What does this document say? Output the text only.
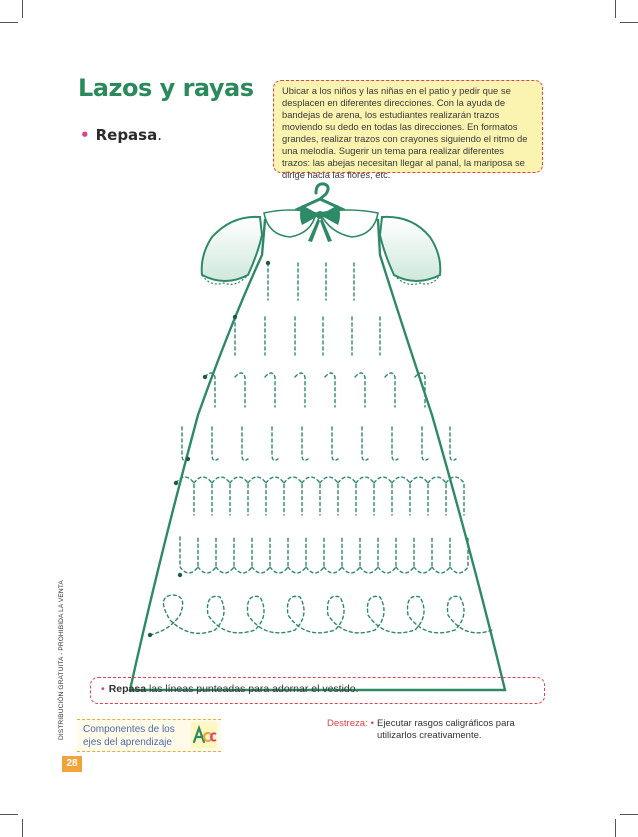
Lazos y rayas
• Repasa.
Ubicar a los niños y las niñas en el patio y pedir que se desplacen en diferentes direcciones. Con la ayuda de bandejas de arena, los estudiantes realizarán trazos moviendo su dedo en todas las direcciones. En formatos grandes, realizar trazos con crayones siguiendo el ritmo de una melodía. Sugerir un tema para realizar diferentes trazos: las abejas necesitan llegar al panal, la mariposa se dirige hacia las flores, etc.
• Repasa las líneas punteadas para adornar el vestido.
DISTRIBUCIÓN GRATUITA - PROHIBIDA LA VENTA Componentes de los
ejes del aprendizaje
28
Destreza: • Ejecutar rasgos caligráficos para utilizarlos creativamente.
